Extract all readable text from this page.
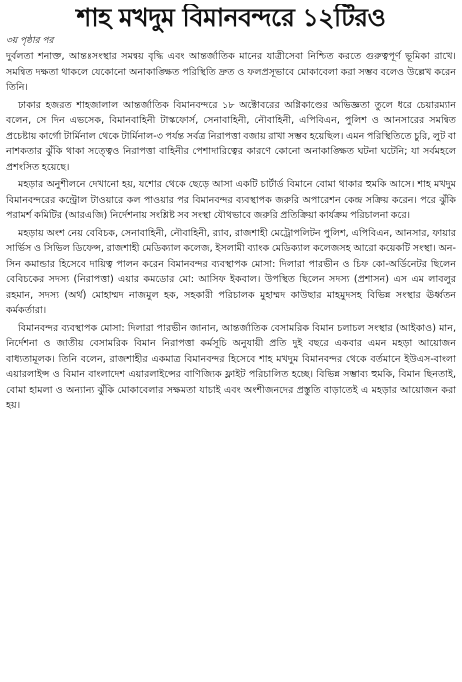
শাহ মখদুম বিমানবন্দরে ১২টিরও
৩য় পৃষ্ঠার পর

দুর্বলতা শনাক্ত, আন্তঃসংস্থার সমন্বয় বৃদ্ধি এবং আন্তর্জাতিক মানের যাত্রীসেবা নিশ্চিত করতে গুরুত্বপূর্ণ ভূমিকা রাখে। সমন্বিত দক্ষতা থাকলে যেকোনো অনাকাঙ্ক্ষিত পরিস্থিতি দ্রুত ও ফলপ্রসূভাবে মোকাবেলা করা সম্ভব বলেও উল্লেখ করেন তিনি।

ঢাকার হজরত শাহজালাল আন্তর্জাতিক বিমানবন্দরে ১৮ অক্টোবরের অগ্নিকাণ্ডের অভিজ্ঞতা তুলে ধরে চেয়ারম্যান বলেন, সে দিন এভসেক, বিমানবাহিনী টাস্কফোর্স, সেনাবাহিনী, নৌবাহিনী, এপিবিএন, পুলিশ ও আনসারের সমন্বিত প্রচেষ্টায় কার্গো টার্মিনাল থেকে টার্মিনাল-৩ পর্যন্ত সর্বত্র নিরাপত্তা বজায় রাখা সম্ভব হয়েছিল। এমন পরিস্থিতিতে চুরি, লুট বা নাশকতার ঝুঁকি থাকা সত্ত্বেও নিরাপত্তা বাহিনীর পেশাদারিত্বের কারণে কোনো অনাকাঙ্ক্ষিত ঘটনা ঘটেনি; যা সর্বমহলে প্রশংসিত হয়েছে।

মহড়ার অনুশীলনে দেখানো হয়, যশোর থেকে ছেড়ে আসা একটি চার্টার্ড বিমানে বোমা থাকার হুমকি আসে। শাহ মখদুম বিমানবন্দরের কন্ট্রোল টাওয়ারে কল পাওয়ার পর বিমানবন্দর ব্যবস্থাপক জরুরি অপারেশন কেন্দ্র সক্রিয় করেন। পরে ঝুঁকি পরামর্শ কমিটির (আরএজি) নির্দেশনায় সংশ্লিষ্ট সব সংস্থা যৌথভাবে জরুরি প্রতিক্রিয়া কার্যক্রম পরিচালনা করে।

মহড়ায় অংশ নেয় বেবিচক, সেনাবাহিনী, নৌবাহিনী, র‍্যাব, রাজশাহী মেট্রোপলিটন পুলিশ, এপিবিএন, আনসার, ফায়ার সার্ভিস ও সিভিল ডিফেন্স, রাজশাহী মেডিক্যাল কলেজ, ইসলামী ব্যাংক মেডিক্যাল কলেজসহ আরো কয়েকটি সংস্থা। অন-সিন কমান্ডার হিসেবে দায়িত্ব পালন করেন বিমানবন্দর ব্যবস্থাপক মোসা: দিলারা পারভীন ও চিফ কো-অর্ডিনেটর ছিলেন বেবিচকের সদস্য (নিরাপত্তা) এয়ার কমডোর মো: আসিফ ইকবাল। উপস্থিত ছিলেন সদস্য (প্রশাসন) এস এম লাবলুর রহমান, সদস্য (অর্থ) মোহাম্মদ নাজমুল হক, সহকারী পরিচালক মুহাম্মদ কাউছার মাহমুদসহ বিভিন্ন সংস্থার ঊর্ধ্বতন কর্মকর্তারা।

বিমানবন্দর ব্যবস্থাপক মোসা: দিলারা পারভীন জানান, আন্তর্জাতিক বেসামরিক বিমান চলাচল সংস্থার (আইকাও) মান, নির্দেশনা ও জাতীয় বেসামরিক বিমান নিরাপত্তা কর্মসূচি অনুযায়ী প্রতি দুই বছরে একবার এমন মহড়া আয়োজন বাধ্যতামূলক। তিনি বলেন, রাজশাহীর একমাত্র বিমানবন্দর হিসেবে শাহ মখদুম বিমানবন্দর থেকে বর্তমানে ইউএস-বাংলা এয়ারলাইন্স ও বিমান বাংলাদেশ এয়ারলাইন্সের বাণিজ্যিক ফ্লাইট পরিচালিত হচ্ছে। বিভিন্ন সম্ভাব্য হুমকি, বিমান ছিনতাই, বোমা হামলা ও অন্যান্য ঝুঁকি মোকাবেলার সক্ষমতা যাচাই এবং অংশীজনদের প্রস্তুতি বাড়াতেই এ মহড়ার আয়োজন করা হয়।
